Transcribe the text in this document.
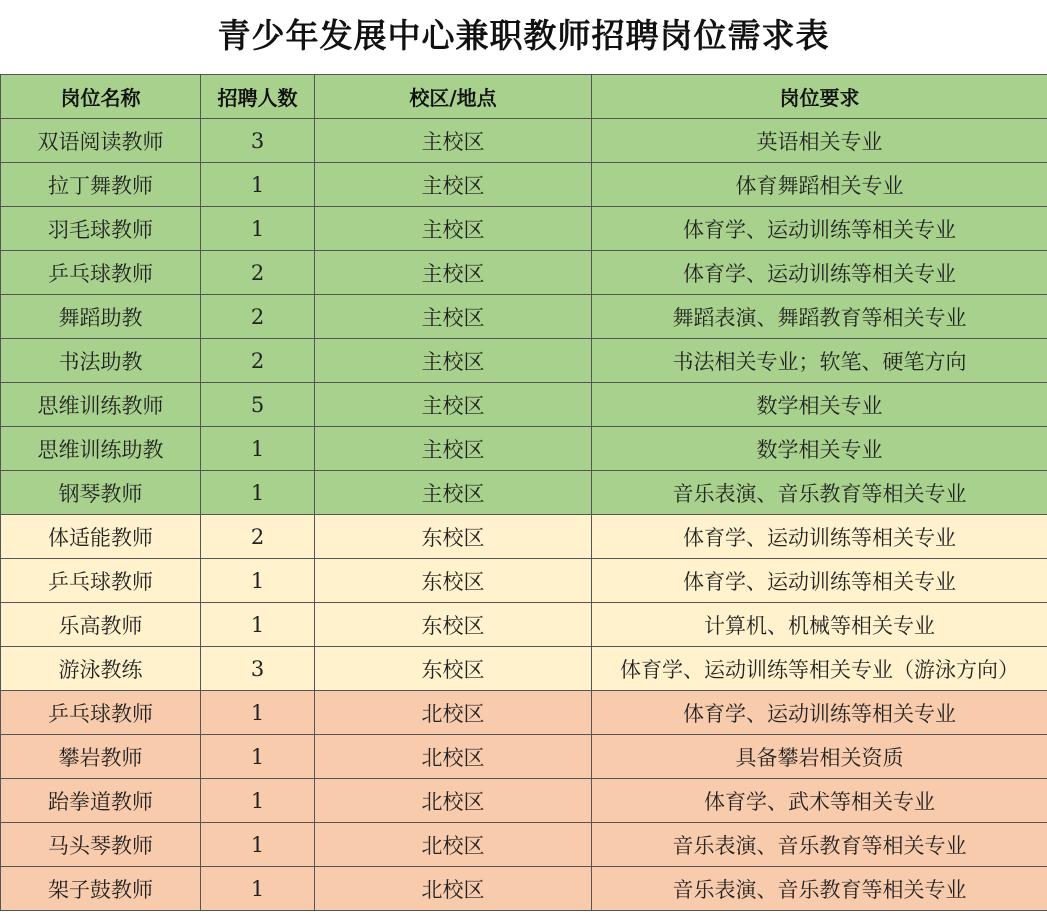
青少年发展中心兼职教师招聘岗位需求表
岗位名称	招聘人数	校区/地点	岗位要求
双语阅读教师	3	主校区	英语相关专业
拉丁舞教师	1	主校区	体育舞蹈相关专业
羽毛球教师	1	主校区	体育学、运动训练等相关专业
乒乓球教师	2	主校区	体育学、运动训练等相关专业
舞蹈助教	2	主校区	舞蹈表演、舞蹈教育等相关专业
书法助教	2	主校区	书法相关专业；软笔、硬笔方向
思维训练教师	5	主校区	数学相关专业
思维训练助教	1	主校区	数学相关专业
钢琴教师	1	主校区	音乐表演、音乐教育等相关专业
体适能教师	2	东校区	体育学、运动训练等相关专业
乒乓球教师	1	东校区	体育学、运动训练等相关专业
乐高教师	1	东校区	计算机、机械等相关专业
游泳教练	3	东校区	体育学、运动训练等相关专业（游泳方向）
乒乓球教师	1	北校区	体育学、运动训练等相关专业
攀岩教师	1	北校区	具备攀岩相关资质
跆拳道教师	1	北校区	体育学、武术等相关专业
马头琴教师	1	北校区	音乐表演、音乐教育等相关专业
架子鼓教师	1	北校区	音乐表演、音乐教育等相关专业
